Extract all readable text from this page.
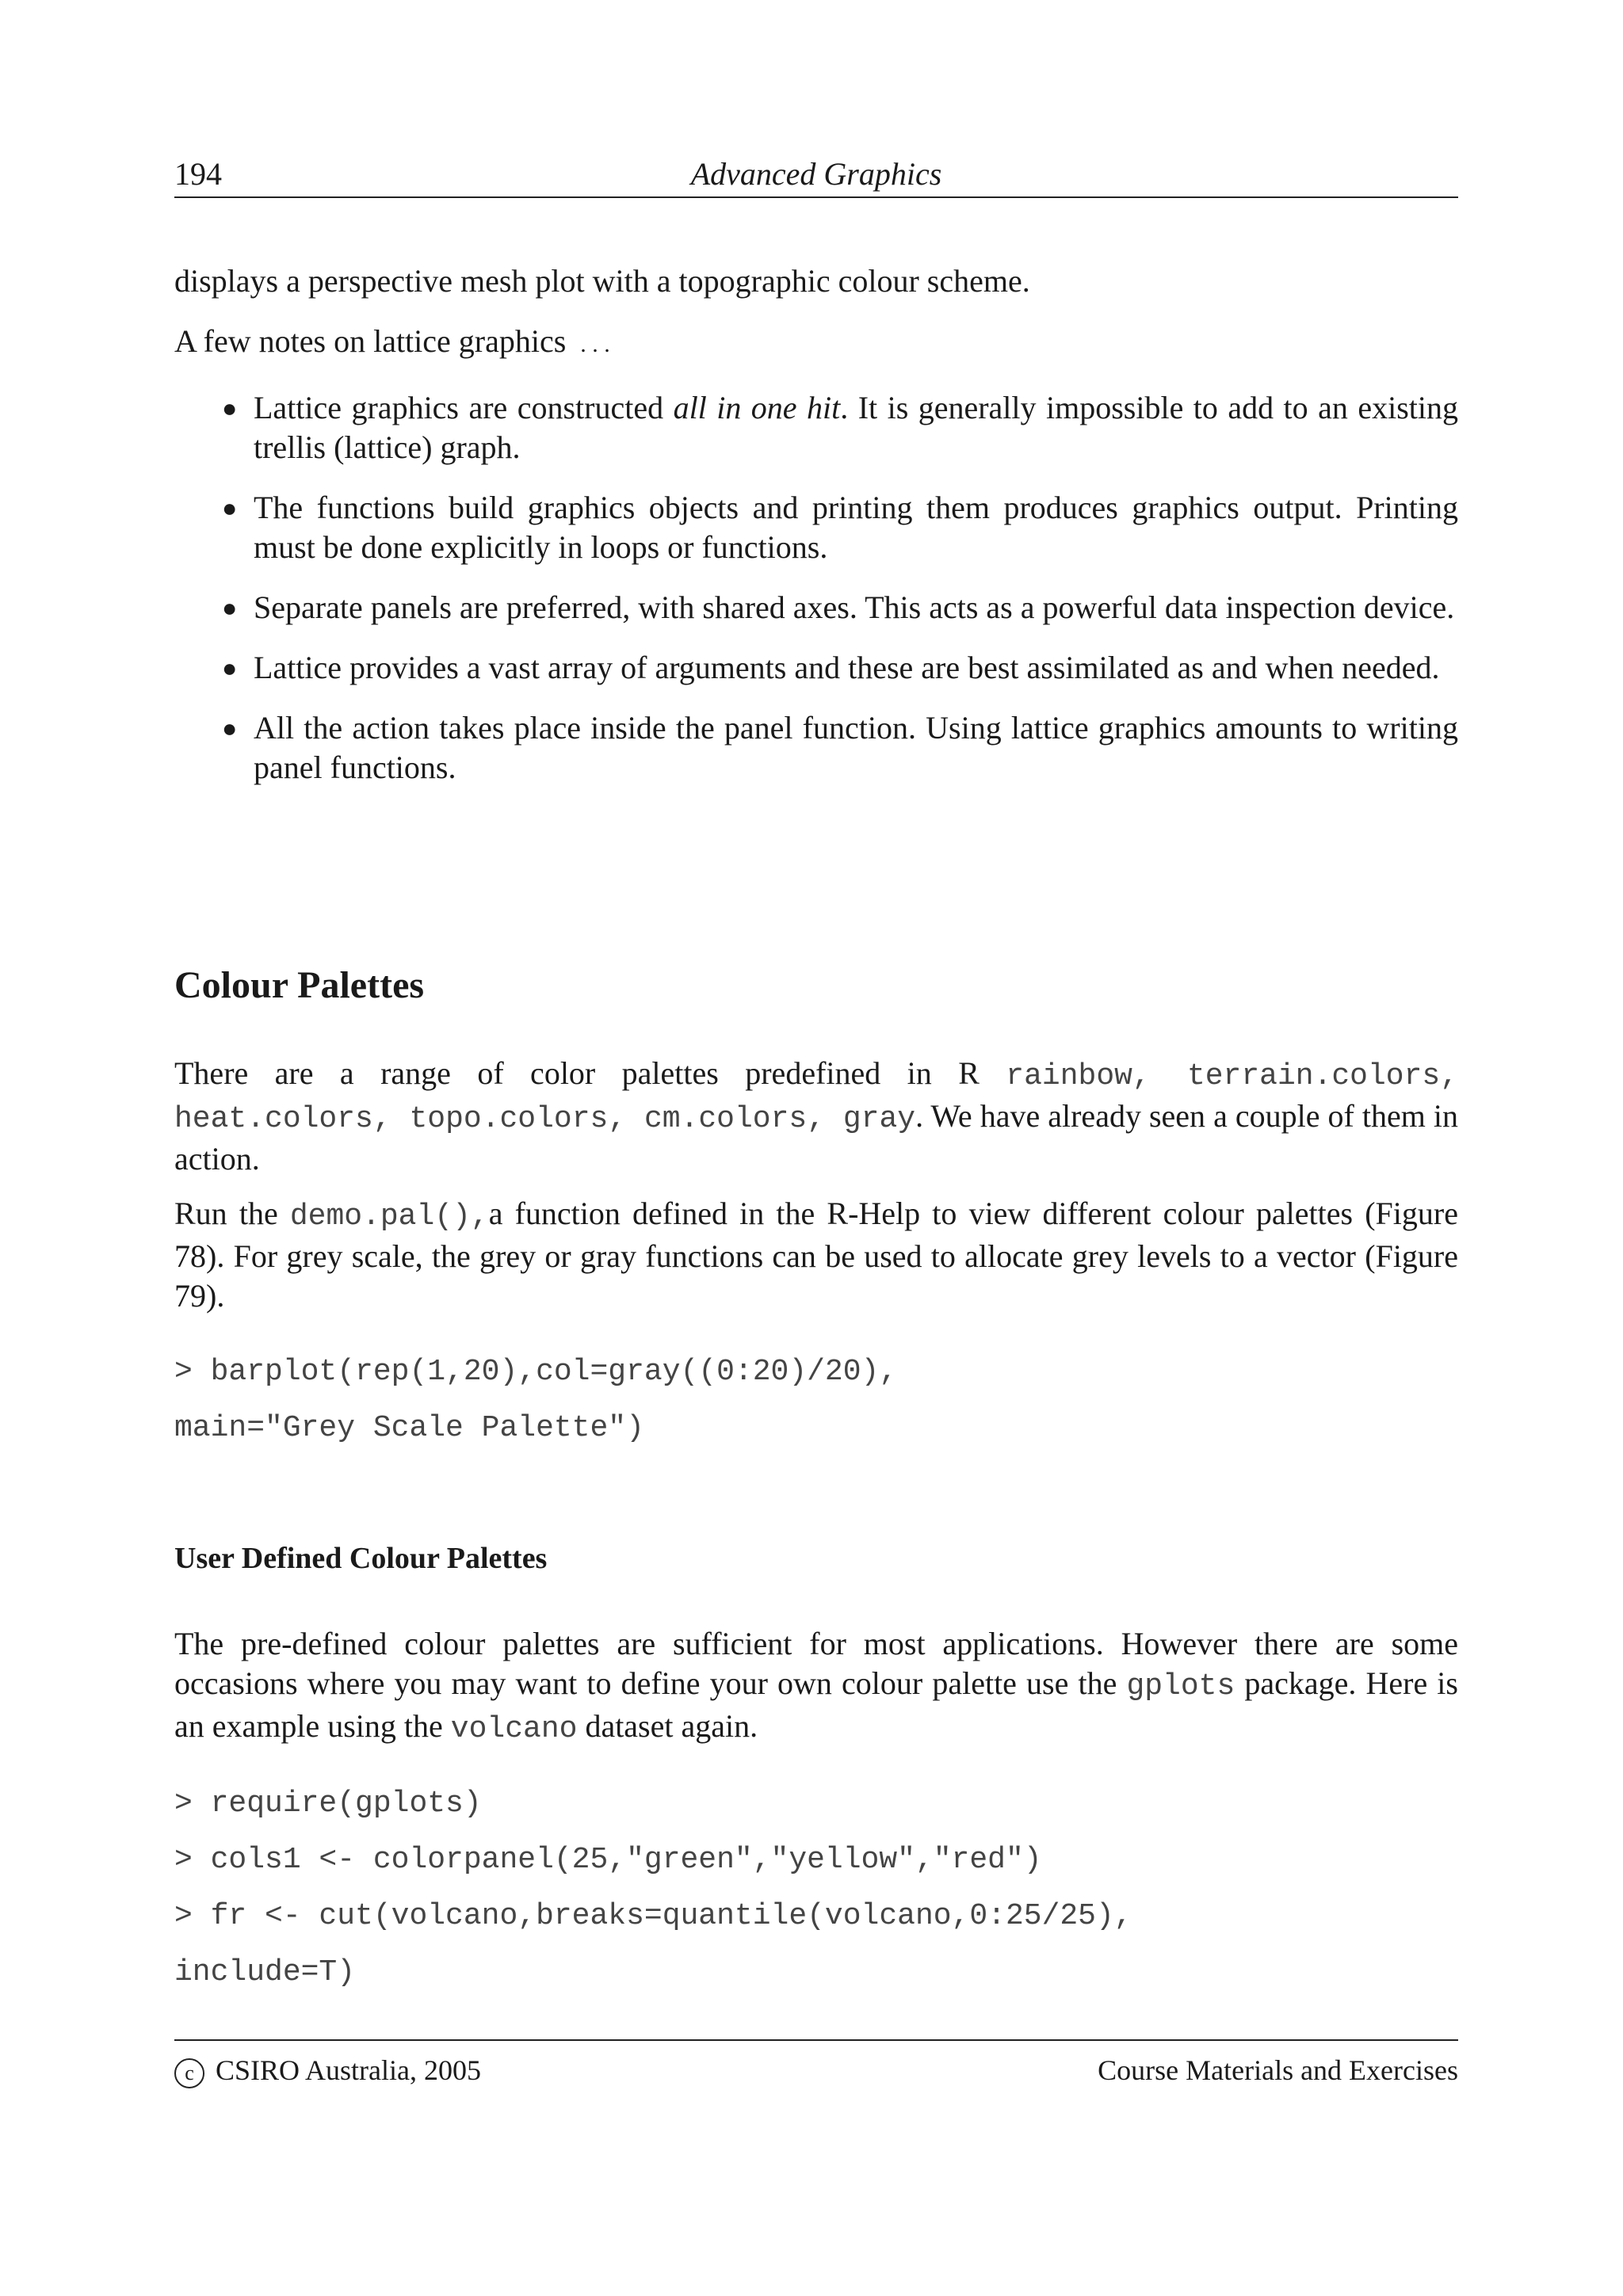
194	Advanced Graphics

displays a perspective mesh plot with a topographic colour scheme.

A few notes on lattice graphics . . .

● Lattice graphics are constructed all in one hit. It is generally impossible to add to an existing trellis (lattice) graph.
● The functions build graphics objects and printing them produces graphics output. Printing must be done explicitly in loops or functions.
● Separate panels are preferred, with shared axes. This acts as a powerful data inspection device.
● Lattice provides a vast array of arguments and these are best assimilated as and when needed.
● All the action takes place inside the panel function. Using lattice graphics amounts to writing panel functions.
Colour Palettes

There are a range of color palettes predefined in R rainbow, terrain.colors, heat.colors, topo.colors, cm.colors, gray. We have already seen a couple of them in action.

Run the demo.pal(),a function defined in the R-Help to view different colour palettes (Figure 78). For grey scale, the grey or gray functions can be used to allocate grey levels to a vector (Figure 79).

> barplot(rep(1,20),col=gray((0:20)/20),
main="Grey Scale Palette")
User Defined Colour Palettes

The pre-defined colour palettes are sufficient for most applications. However there are some occasions where you may want to define your own colour palette use the gplots package. Here is an example using the volcano dataset again.

> require(gplots)
> cols1 <- colorpanel(25,"green","yellow","red")
> fr <- cut(volcano,breaks=quantile(volcano,0:25/25),
include=T)
c CSIRO Australia, 2005	Course Materials and Exercises
